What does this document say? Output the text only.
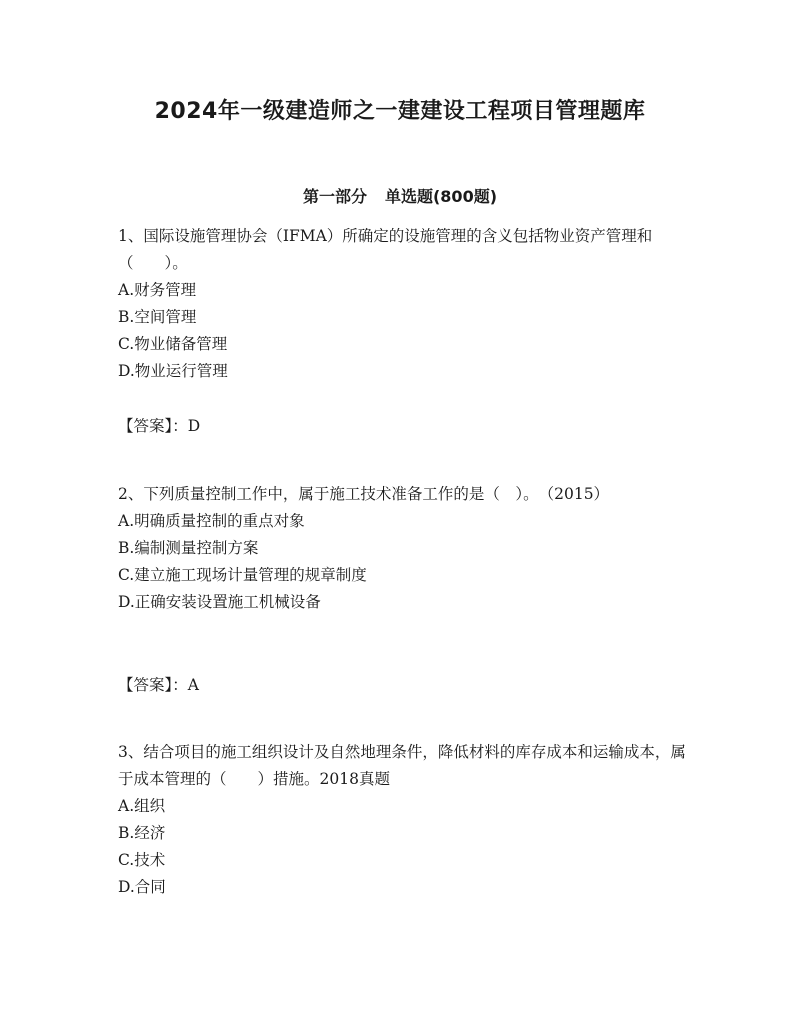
2024年一级建造师之一建建设工程项目管理题库
第一部分 单选题(800题)

1、国际设施管理协会（IFMA）所确定的设施管理的含义包括物业资产管理和（　　）。

A.财务管理

B.空间管理

C.物业储备管理

D.物业运行管理

【答案】：D

2、下列质量控制工作中，属于施工技术准备工作的是（　）。　（2015）

A.明确质量控制的重点对象

B.编制测量控制方案

C.建立施工现场计量管理的规章制度

D.正确安装设置施工机械设备

【答案】：A

3、结合项目的施工组织设计及自然地理条件，降低材料的库存成本和运输成本，属于成本管理的（　　）措施。2018真题

A.组织

B.经济

C.技术

D.合同
